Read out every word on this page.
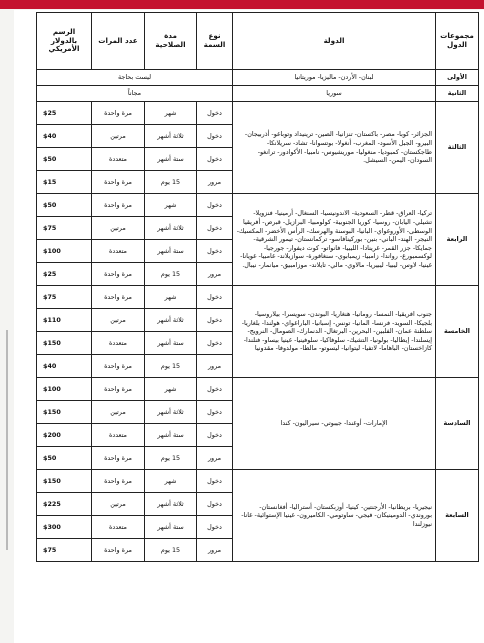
مجموعات الدول	الدولة	نوع السمة	مدة الصلاحية	عدد المرات	الرسم بالدولار الأمريكي
الأولى	لبنان- الأردن- ماليزيا- موريتانيا	ليست بحاجة			
الثانية	سوريا	مجاناً			
الثالثة	الجزائر- كوبا- مصر- باكستان- تنزانيا- الصين- ترينيداد وتوباغو- أذربيجان- البيرو- الجبل الأسود- المغرب- أنغولا- بوتسوانا- تشاد- سريلانكا- طاجكستان- كمبوديا- منغوليا- موريشيوس- نامبيا- الأكوادور- ترانغو- السودان- اليمن- السيشل.	دخول	شهر	مرة واحدة	$25
		دخول	ثلاثة أشهر	مرتين	$40
		دخول	ستة أشهر	متعددة	$50
		مرور	15 يوم	مرة واحدة	$15
الرابعة	تركيا- العراق- قطر- السعودية- الاندونيسيا- السنغال- أرمينيا- فنزويلا- تشيلي- اليابان- روسيا- كوريا الجنوبية- كولومبيا- البرازيل- قبرص- أفريقيا الوسطى- الأوروغواي- البانيا- البوسنة والهرسك- الرأس الأخضر- المكسيك- النيجر- الهند- الباني- بنين- بوركينافاسو- تركمانستان- تيمور الشرقية- جمايكا- جزر القمر- غرينادا- الليبيا- فانواتو- كوت ديفوار- جورجيا- لوكسمبورغ- رواندا- زامبيا- زيمبابوي- سنغافورة- سوازيلاند- غامبيا- غويانا- غينيا- لاوس- ليبيا- ليبيريا- مالاوي- مالي- تايلاند- موزامبيق- ميانمار- نيبال.	دخول	شهر	مرة واحدة	$50
		دخول	ثلاثة أشهر	مرتين	$75
		دخول	ستة أشهر	متعددة	$100
		مرور	15 يوم	مرة واحدة	$25
الخامسة	جنوب افريقيا- النمسا- رومانيا- هنغاريا- البوندن- سويسرا- بيلاروسيا- بلجيكا- السويد- فرنسا- المانيا- تونس- إسبانيا- الباراغواي- هولندا- بلغاريا- سلطنة عمان- الفلبين- البحرين- البرتغال- الدنمارك- الصومال- النرويج- إيسلندا- إيطاليا- بولونيا- التشيك- سلوفاكيا- سلوفينيا- غينيا بيساو- فنلندا- كازاخستان- الباهاما- لاتفيا- ليتوانيا- ليسوتو- مالطا- مولدوفا- مقدونيا	دخول	شهر	مرة واحدة	$75
		دخول	ثلاثة أشهر	مرتين	$110
		دخول	ستة أشهر	متعددة	$150
		مرور	15 يوم	مرة واحدة	$40
السادسة	الإمارات- أوغندا- جيبوتي- سيراليون- كندا	دخول	شهر	مرة واحدة	$100
		دخول	ثلاثة أشهر	مرتين	$150
		دخول	ستة أشهر	متعددة	$200
		مرور	15 يوم	مرة واحدة	$50
السابعة	نيجيريا- بريطانيا- الأرجنتين- كينيا- أوزبكستان- أستراليا- أفغانستان- بوروندي- الدومينيكان- فيجي- ساوتومي- الكاميرون- غينيا الإستوائية- غانا- نيوزلندا	دخول	شهر	مرة واحدة	$150
		دخول	ثلاثة أشهر	مرتين	$225
		دخول	ستة أشهر	متعددة	$300
		مرور	15 يوم	مرة واحدة	$75
